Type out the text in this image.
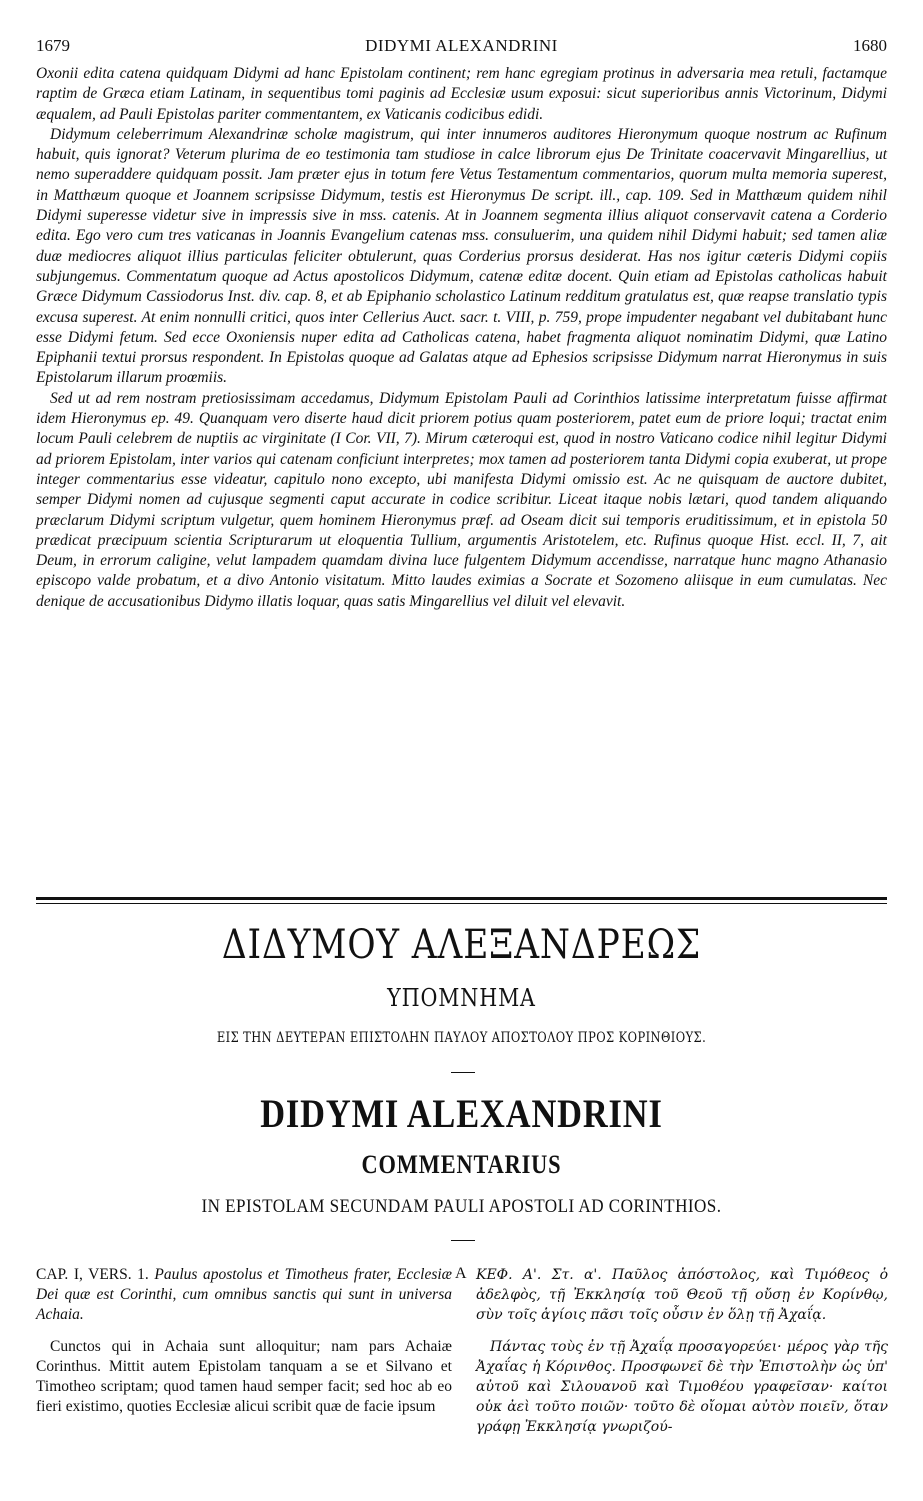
1679	DIDYMI ALEXANDRINI	1680

Oxonii edita catena quidquam Didymi ad hanc Epistolam continent; rem hanc egregiam protinus in adversaria mea retuli, factamque raptim de Græca etiam Latinam, in sequentibus tomi paginis ad Ecclesiæ usum exposui: sicut superioribus annis Victorinum, Didymi æqualem, ad Pauli Epistolas pariter commentantem, ex Vaticanis codicibus edidi.

Didymum celeberrimum Alexandrinæ scholæ magistrum, qui inter innumeros auditores Hieronymum quoque nostrum ac Rufinum habuit, quis ignorat? Veterum plurima de eo testimonia tam studiose in calce librorum ejus De Trinitate coacervavit Mingarellius, ut nemo superaddere quidquam possit. Jam præter ejus in totum fere Vetus Testamentum commentarios, quorum multa memoria superest, in Matthæum quoque et Joannem scripsisse Didymum, testis est Hieronymus De script. ill., cap. 109. Sed in Matthæum quidem nihil Didymi superesse videtur sive in impressis sive in mss. catenis. At in Joannem segmenta illius aliquot conservavit catena a Corderio edita. Ego vero cum tres vaticanas in Joannis Evangelium catenas mss. consuluerim, una quidem nihil Didymi habuit; sed tamen aliæ duæ mediocres aliquot illius particulas feliciter obtulerunt, quas Corderius prorsus desiderat. Has nos igitur cæteris Didymi copiis subjungemus. Commentatum quoque ad Actus apostolicos Didymum, catenæ editæ docent. Quin etiam ad Epistolas catholicas habuit Græce Didymum Cassiodorus Inst. div. cap. 8, et ab Epiphanio scholastico Latinum redditum gratulatus est, quæ reapse translatio typis excusa superest. At enim nonnulli critici, quos inter Cellerius Auct. sacr. t. VIII, p. 759, prope impudenter negabant vel dubitabant hunc esse Didymi fetum. Sed ecce Oxoniensis nuper edita ad Catholicas catena, habet fragmenta aliquot nominatim Didymi, quæ Latino Epiphanii textui prorsus respondent. In Epistolas quoque ad Galatas atque ad Ephesios scripsisse Didymum narrat Hieronymus in suis Epistolarum illarum proœmiis.

Sed ut ad rem nostram pretiosissimam accedamus, Didymum Epistolam Pauli ad Corinthios latissime interpretatum fuisse affirmat idem Hieronymus ep. 49. Quanquam vero diserte haud dicit priorem potius quam posteriorem, patet eum de priore loqui; tractat enim locum Pauli celebrem de nuptiis ac virginitate (I Cor. VII, 7). Mirum cæteroqui est, quod in nostro Vaticano codice nihil legitur Didymi ad priorem Epistolam, inter varios qui catenam conficiunt interpretes; mox tamen ad posteriorem tanta Didymi copia exuberat, ut prope integer commentarius esse videatur, capitulo nono excepto, ubi manifesta Didymi omissio est. Ac ne quisquam de auctore dubitet, semper Didymi nomen ad cujusque segmenti caput accurate in codice scribitur. Liceat itaque nobis lætari, quod tandem aliquando præclarum Didymi scriptum vulgetur, quem hominem Hieronymus præf. ad Oseam dicit sui temporis eruditissimum, et in epistola 50 prædicat præcipuum scientia Scripturarum ut eloquentia Tullium, argumentis Aristotelem, etc. Rufinus quoque Hist. eccl. II, 7, ait Deum, in errorum caligine, velut lampadem quamdam divina luce fulgentem Didymum accendisse, narratque hunc magno Athanasio episcopo valde probatum, et a divo Antonio visitatum. Mitto laudes eximias a Socrate et Sozomeno aliisque in eum cumulatas. Nec denique de accusationibus Didymo illatis loquar, quas satis Mingarellius vel diluit vel elevavit.

ΔΙΔΥΜΟΥ ΑΛΕΞΑΝΔΡΕΩΣ
ΥΠΟΜΝΗΜΑ
ΕΙΣ ΤΗΝ ΔΕΥΤΕΡΑΝ ΕΠΙΣΤΟΛΗΝ ΠΑΥΛΟΥ ΑΠΟΣΤΟΛΟΥ ΠΡΟΣ ΚΟΡΙΝΘΙΟΥΣ.
DIDYMI ALEXANDRINI
COMMENTARIUS
IN EPISTOLAM SECUNDAM PAULI APOSTOLI AD CORINTHIOS.

CAP. I, VERS. 1. Paulus apostolus et Timotheus frater, Ecclesiæ Dei quæ est Corinthi, cum omnibus sanctis qui sunt in universa Achaia.

Cunctos qui in Achaia sunt alloquitur; nam pars Achaiæ Corinthus. Mittit autem Epistolam tanquam a se et Silvano et Timotheo scriptam; quod tamen haud semper facit; sed hoc ab eo fieri existimo, quoties Ecclesiæ alicui scribit quæ de facie ipsum

A ΚΕΦ. Α'. Στ. α'. Παῦλος ἀπόστολος, καὶ Τιμόθεος ὁ ἀδελφὸς, τῇ Ἐκκλησίᾳ τοῦ Θεοῦ τῇ οὔσῃ ἐν Κορίνθῳ, σὺν τοῖς ἁγίοις πᾶσι τοῖς οὖσιν ἐν ὅλῃ τῇ Ἀχαΐᾳ.

Πάντας τοὺς ἐν τῇ Ἀχαΐᾳ προσαγορεύει· μέρος γὰρ τῆς Ἀχαΐας ἡ Κόρινθος. Προσφωνεῖ δὲ τὴν Ἐπιστολὴν ὡς ὑπ' αὐτοῦ καὶ Σιλουανοῦ καὶ Τιμοθέου γραφεῖσαν· καίτοι οὐκ ἀεὶ τοῦτο ποιῶν· τοῦτο δὲ οἴομαι αὐτὸν ποιεῖν, ὅταν γράφῃ Ἐκκλησίᾳ γνωριζού-
